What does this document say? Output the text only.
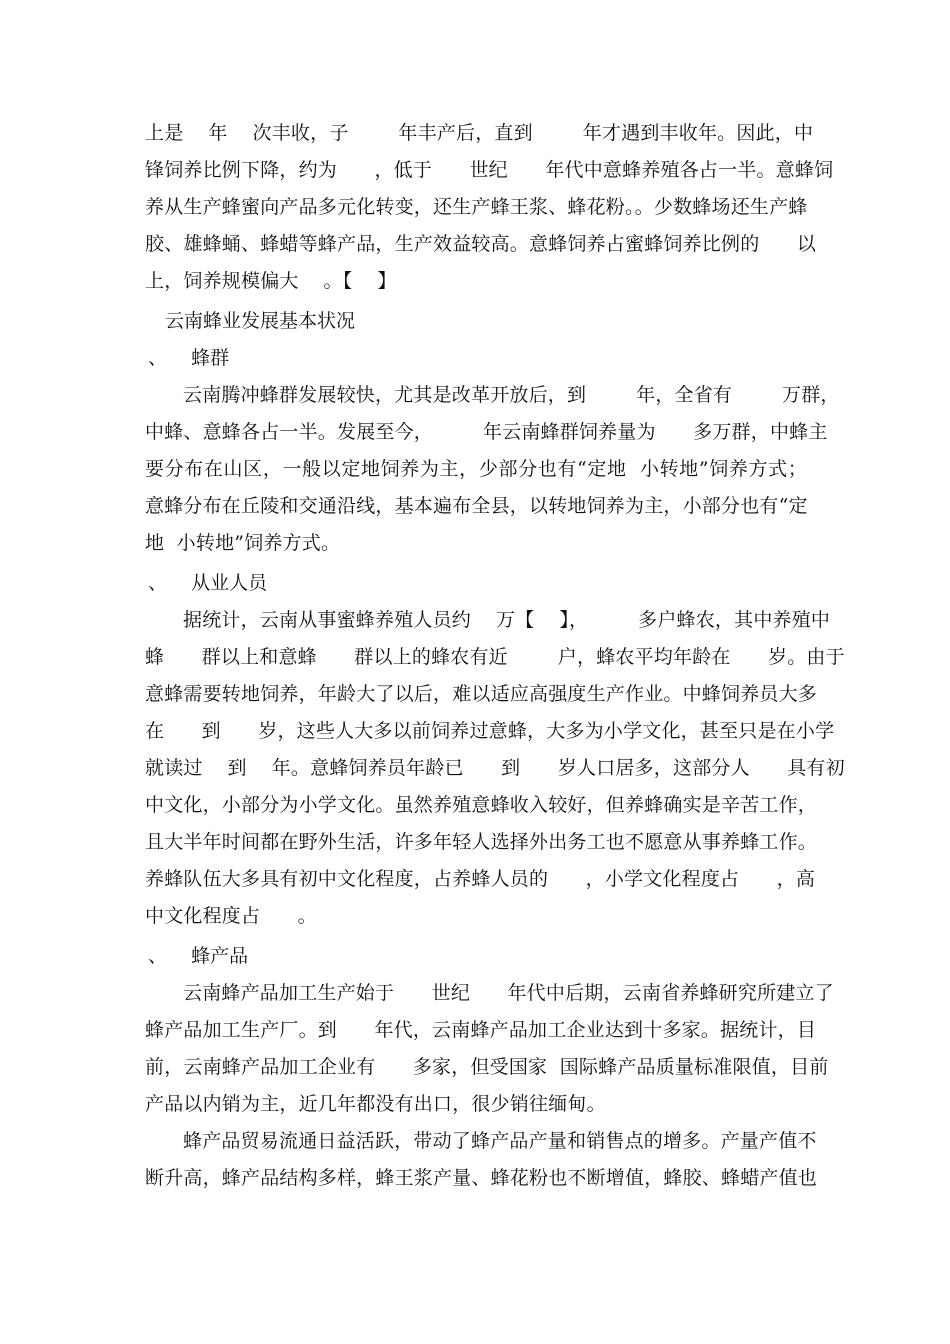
上是    年    次丰收，子        年丰产后，直到        年才遇到丰收年。因此，中
锋饲养比例下降，约为      ，低于      世纪      年代中意蜂养殖各占一半。意蜂饲
养从生产蜂蜜向产品多元化转变，还生产蜂王浆、蜂花粉。。少数蜂场还生产蜂
胶、雄蜂蛹、蜂蜡等蜂产品，生产效益较高。意蜂饲养占蜜蜂饲养比例的      以
上，饲养规模偏大    。【    】
云南蜂业发展基本状况
、    蜂群
云南腾冲蜂群发展较快，尤其是改革开放后，到        年，全省有        万群，
中蜂、意蜂各占一半。发展至今，        年云南蜂群饲养量为      多万群，中蜂主
要分布在山区，一般以定地饲养为主，少部分也有“定地  小转地”饲养方式；
意蜂分布在丘陵和交通沿线，基本遍布全县，以转地饲养为主，小部分也有“定
地  小转地”饲养方式。
、    从业人员
据统计，云南从事蜜蜂养殖人员约    万【    】，        多户蜂农，其中养殖中
蜂      群以上和意蜂      群以上的蜂农有近        户，蜂农平均年龄在      岁。由于
意蜂需要转地饲养，年龄大了以后，难以适应高强度生产作业。中蜂饲养员大多
在      到      岁，这些人大多以前饲养过意蜂，大多为小学文化，甚至只是在小学
就读过    到    年。意蜂饲养员年龄已      到      岁人口居多，这部分人      具有初
中文化，小部分为小学文化。虽然养殖意蜂收入较好，但养蜂确实是辛苦工作，
且大半年时间都在野外生活，许多年轻人选择外出务工也不愿意从事养蜂工作。
养蜂队伍大多具有初中文化程度，占养蜂人员的      ，小学文化程度占      ，高
中文化程度占      。
、    蜂产品
云南蜂产品加工生产始于      世纪      年代中后期，云南省养蜂研究所建立了
蜂产品加工生产厂。到      年代，云南蜂产品加工企业达到十多家。据统计，目
前，云南蜂产品加工企业有      多家，但受国家  国际蜂产品质量标准限值，目前
产品以内销为主，近几年都没有出口，很少销往缅甸。
蜂产品贸易流通日益活跃，带动了蜂产品产量和销售点的增多。产量产值不
断升高，蜂产品结构多样，蜂王浆产量、蜂花粉也不断增值，蜂胶、蜂蜡产值也
